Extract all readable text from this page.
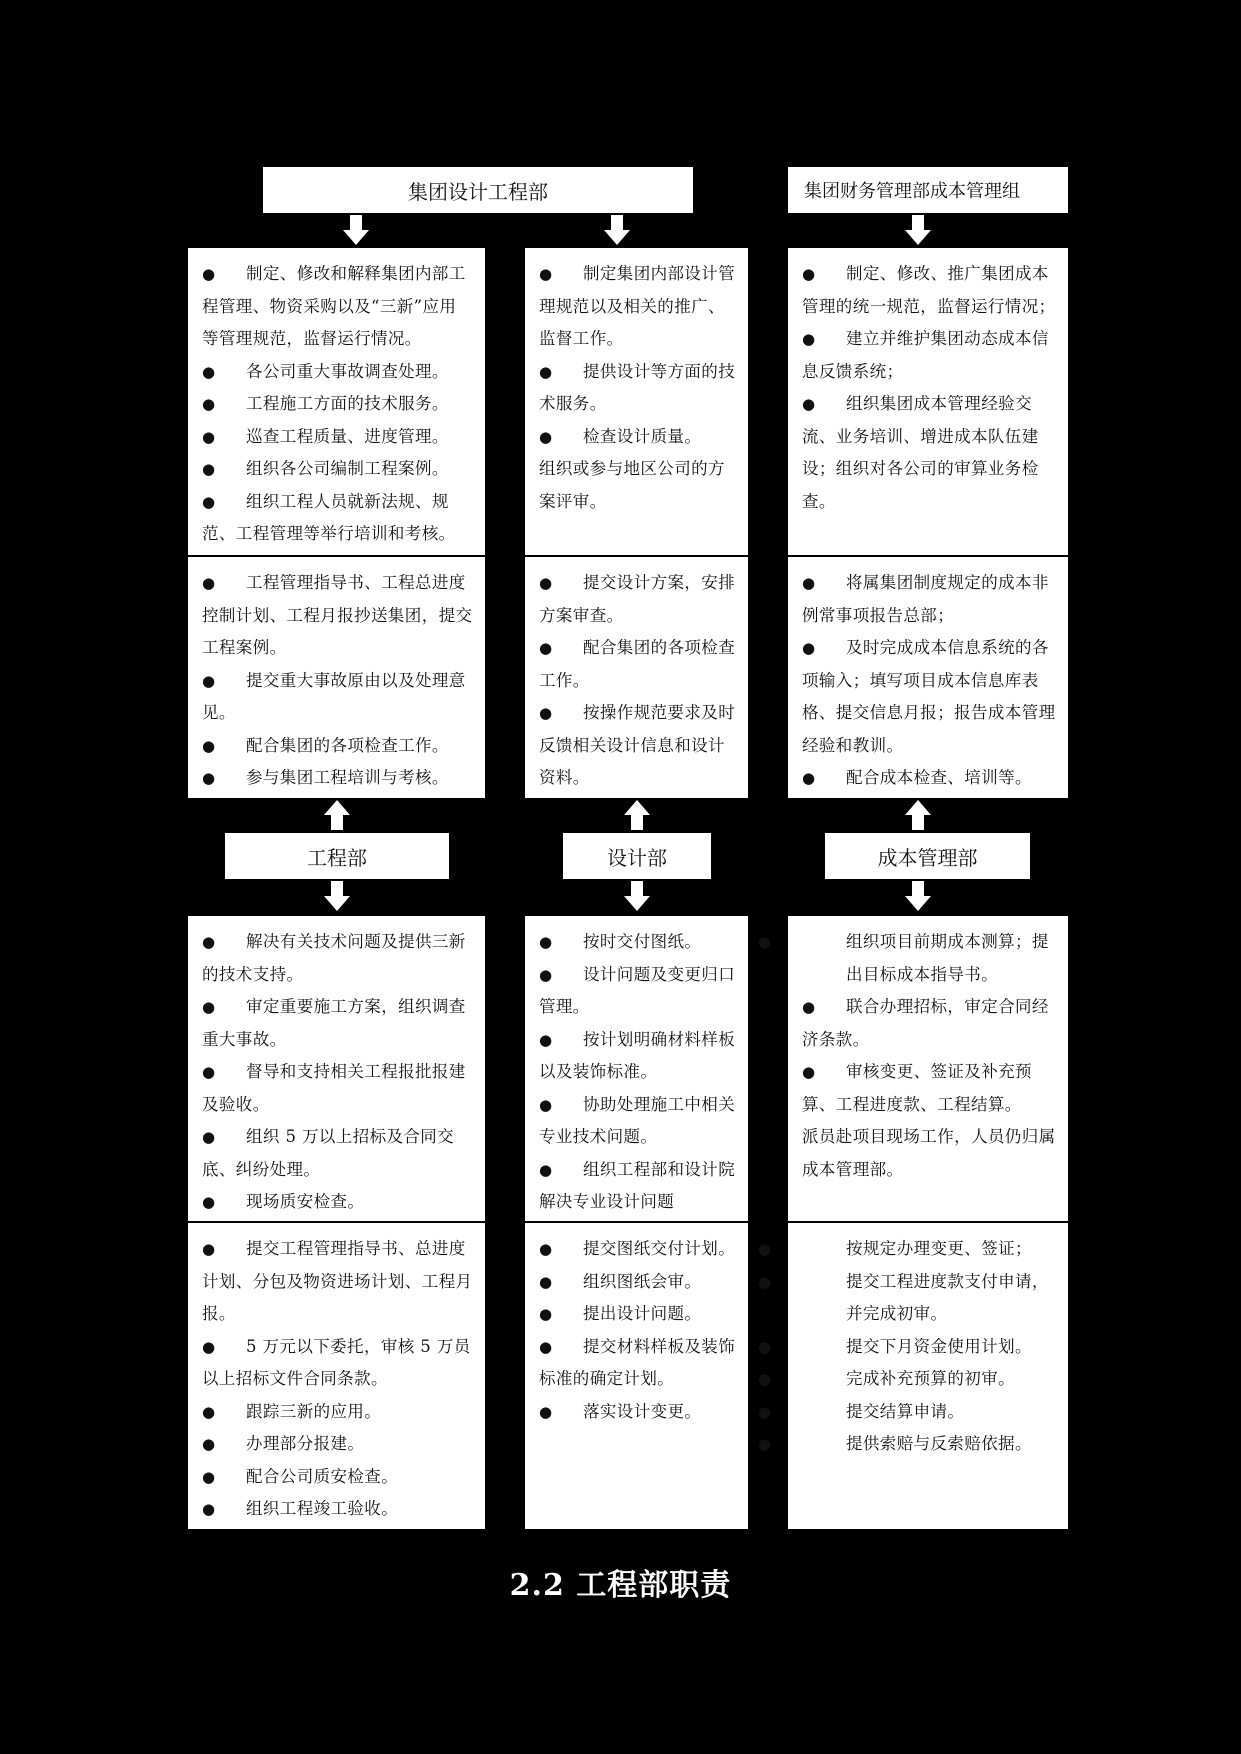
集团设计工程部	集团财务管理部成本管理组
工程部	设计部	成本管理部

● 制定、修改和解释集团内部工程管理、物资采购以及“三新”应用等管理规范，监督运行情况。

● 各公司重大事故调查处理。

● 工程施工方面的技术服务。

● 巡查工程质量、进度管理。

● 组织各公司编制工程案例。

● 组织工程人员就新法规、规范、工程管理等举行培训和考核。

● 制定集团内部设计管理规范以及相关的推广、监督工作。

● 提供设计等方面的技术服务。

● 检查设计质量。

组织或参与地区公司的方案评审。

● 制定、修改、推广集团成本管理的统一规范，监督运行情况；

● 建立并维护集团动态成本信息反馈系统；

● 组织集团成本管理经验交流、业务培训、增进成本队伍建设；组织对各公司的审算业务检查。

● 工程管理指导书、工程总进度控制计划、工程月报抄送集团，提交工程案例。

● 提交重大事故原由以及处理意见。

● 配合集团的各项检查工作。

● 参与集团工程培训与考核。

● 提交设计方案，安排方案审查。

● 配合集团的各项检查工作。

● 按操作规范要求及时反馈相关设计信息和设计资料。

● 将属集团制度规定的成本非例常事项报告总部；

● 及时完成成本信息系统的各项输入；填写项目成本信息库表格、提交信息月报；报告成本管理经验和教训。

● 配合成本检查、培训等。

● 解决有关技术问题及提供三新的技术支持。

● 审定重要施工方案，组织调查重大事故。

● 督导和支持相关工程报批报建及验收。

● 组织 5 万以上招标及合同交底、纠纷处理。

● 现场质安检查。

● 按时交付图纸。

● 设计问题及变更归口管理。

● 按计划明确材料样板以及装饰标准。

● 协助处理施工中相关专业技术问题。

● 组织工程部和设计院解决专业设计问题

●	组织项目前期成本测算；提出目标成本指导书。

● 联合办理招标，审定合同经济条款。

● 审核变更、签证及补充预算、工程进度款、工程结算。

派员赴项目现场工作，人员仍归属成本管理部。

● 提交工程管理指导书、总进度计划、分包及物资进场计划、工程月报。

● 5 万元以下委托，审核 5 万员以上招标文件合同条款。

● 跟踪三新的应用。

● 办理部分报建。

● 配合公司质安检查。

● 组织工程竣工验收。

● 提交图纸交付计划。

● 组织图纸会审。

● 提出设计问题。

● 提交材料样板及装饰标准的确定计划。

● 落实设计变更。

●	按规定办理变更、签证；

●	提交工程进度款支付申请，并完成初审。

●	提交下月资金使用计划。

●	完成补充预算的初审。

●	提交结算申请。

●	提供索赔与反索赔依据。

2.2 工程部职责
